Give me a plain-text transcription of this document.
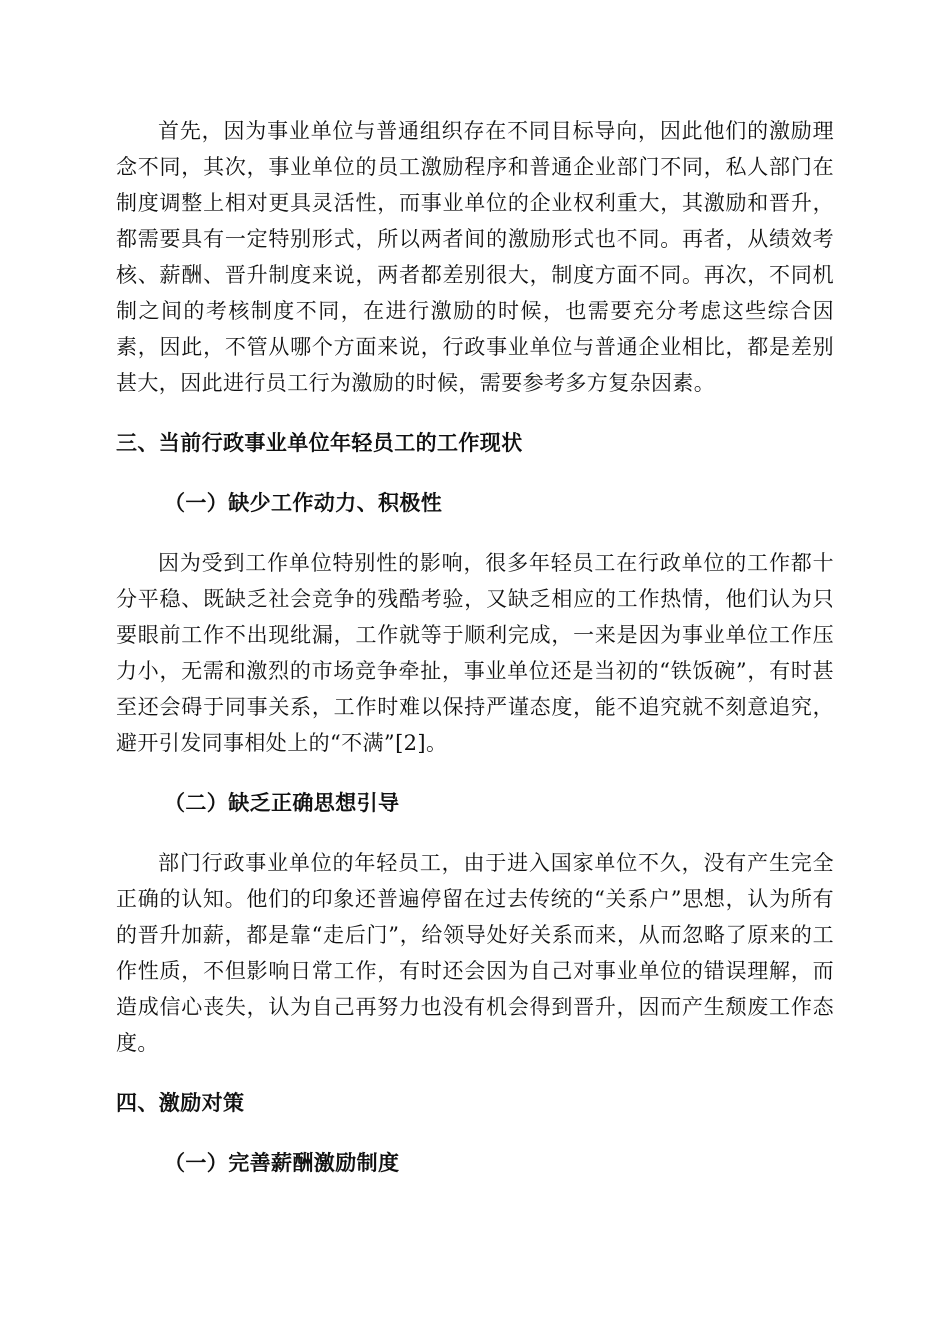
首先，因为事业单位与普通组织存在不同目标导向，因此他们的激励理念不同，其次，事业单位的员工激励程序和普通企业部门不同，私人部门在制度调整上相对更具灵活性，而事业单位的企业权利重大，其激励和晋升，都需要具有一定特别形式，所以两者间的激励形式也不同。再者，从绩效考核、薪酬、晋升制度来说，两者都差别很大，制度方面不同。再次，不同机制之间的考核制度不同，在进行激励的时候，也需要充分考虑这些综合因素，因此，不管从哪个方面来说，行政事业单位与普通企业相比，都是差别甚大，因此进行员工行为激励的时候，需要参考多方复杂因素。

三、当前行政事业单位年轻员工的工作现状
（一）缺少工作动力、积极性

因为受到工作单位特别性的影响，很多年轻员工在行政单位的工作都十分平稳、既缺乏社会竞争的残酷考验，又缺乏相应的工作热情，他们认为只要眼前工作不出现纰漏，工作就等于顺利完成，一来是因为事业单位工作压力小，无需和激烈的市场竞争牵扯，事业单位还是当初的“铁饭碗”，有时甚至还会碍于同事关系，工作时难以保持严谨态度，能不追究就不刻意追究，避开引发同事相处上的“不满”[2]。

（二）缺乏正确思想引导

部门行政事业单位的年轻员工，由于进入国家单位不久，没有产生完全正确的认知。他们的印象还普遍停留在过去传统的“关系户”思想，认为所有的晋升加薪，都是靠“走后门”，给领导处好关系而来，从而忽略了原来的工作性质，不但影响日常工作，有时还会因为自己对事业单位的错误理解，而造成信心丧失，认为自己再努力也没有机会得到晋升，因而产生颓废工作态度。

四、激励对策
（一）完善薪酬激励制度
